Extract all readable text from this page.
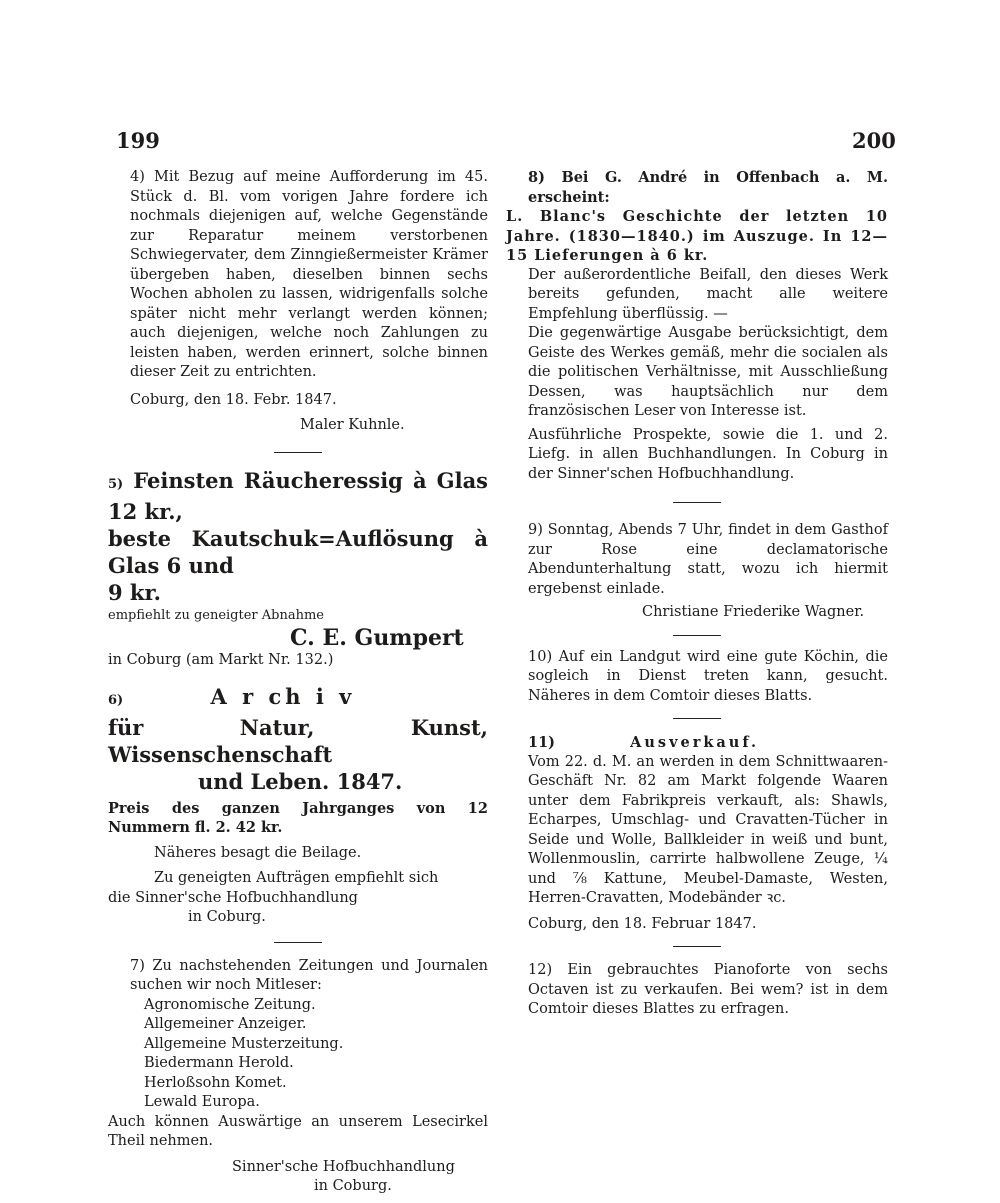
199	200

4) Mit Bezug auf meine Aufforderung im 45. Stück d. Bl. vom vorigen Jahre fordere ich nochmals diejenigen auf, welche Gegenstände zur Reparatur meinem verstorbenen Schwiegervater, dem Zinngießermeister Krämer übergeben haben, dieselben binnen sechs Wochen abholen zu lassen, widrigenfalls solche später nicht mehr verlangt werden können; auch diejenigen, welche noch Zahlungen zu leisten haben, werden erinnert, solche binnen dieser Zeit zu entrichten.

Coburg, den 18. Febr. 1847.

Maler Kuhnle.

5) Feinsten Räucheressig à Glas 12 kr.,

beste Kautschuk=Auflösung à Glas 6 und

9 kr.

empfiehlt zu geneigter Abnahme

C. E. Gumpert

in Coburg (am Markt Nr. 132.)

6)	A r ch i v

für Natur, Kunst, Wissenschenschaft

und Leben. 1847.

Preis des ganzen Jahrganges von 12 Nummern fl. 2. 42 kr.

Näheres besagt die Beilage.

Zu geneigten Aufträgen empfiehlt sich

die Sinner'sche Hofbuchhandlung

in Coburg.

7) Zu nachstehenden Zeitungen und Journalen suchen wir noch Mitleser:

Agronomische Zeitung.

Allgemeiner Anzeiger.

Allgemeine Musterzeitung.

Biedermann Herold.

Herloßsohn Komet.

Lewald Europa.

Auch können Auswärtige an unserem Lesecirkel Theil nehmen.

Sinner'sche Hofbuchhandlung

in Coburg.

8) Bei G. André in Offenbach a. M. erscheint:

L. Blanc's Geschichte der letzten 10 Jahre. (1830—1840.) im Auszuge. In 12—15 Lieferungen à 6 kr.

Der außerordentliche Beifall, den dieses Werk bereits gefunden, macht alle weitere Empfehlung überflüssig. —

Die gegenwärtige Ausgabe berücksichtigt, dem Geiste des Werkes gemäß, mehr die socialen als die politischen Verhältnisse, mit Ausschließung Dessen, was hauptsächlich nur dem französischen Leser von Interesse ist.

Ausführliche Prospekte, sowie die 1. und 2. Liefg. in allen Buchhandlungen. In Coburg in der Sinner'schen Hofbuchhandlung.

9) Sonntag, Abends 7 Uhr, findet in dem Gasthof zur Rose eine declamatorische Abendunterhaltung statt, wozu ich hiermit ergebenst einlade.

Christiane Friederike Wagner.

10) Auf ein Landgut wird eine gute Köchin, die sogleich in Dienst treten kann, gesucht. Näheres in dem Comtoir dieses Blatts.

11)	Ausverkauf.

Vom 22. d. M. an werden in dem Schnittwaaren-Geschäft Nr. 82 am Markt folgende Waaren unter dem Fabrikpreis verkauft, als: Shawls, Echarpes, Umschlag- und Cravatten-Tücher in Seide und Wolle, Ballkleider in weiß und bunt, Wollenmouslin, carrirte halbwollene Zeuge, ¼ und ⅞ Kattune, Meubel-Damaste, Westen, Herren-Cravatten, Modebänder ꝛc.

Coburg, den 18. Februar 1847.

12) Ein gebrauchtes Pianoforte von sechs Octaven ist zu verkaufen. Bei wem? ist in dem Comtoir dieses Blattes zu erfragen.
